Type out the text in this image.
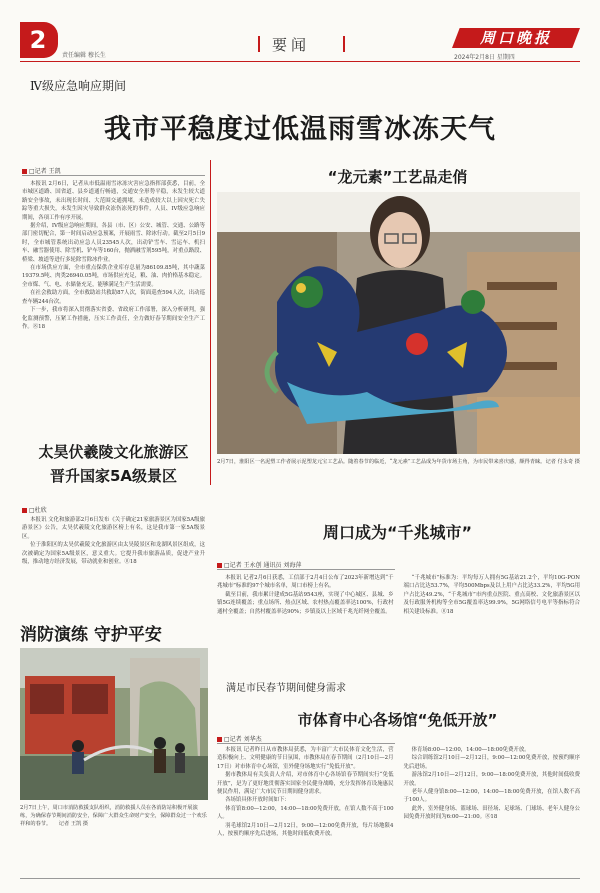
2
责任编辑 穆长生
要闻	周口晚报
2024年2月8日 星期四
Ⅳ级应急响应期间
我市平稳度过低温雨雪冰冻天气
□记者 王凯

本报讯 2月6日，记者从市低温雨雪冰冻灾害应急指挥部获悉，目前，全市城区道路、国省道、县乡道通行畅通，交通安全形势平稳，未发生较大道路安全事故，未出现长时间、大范围交通拥堵，未造成较大以上因灾死亡失踪等重大损失，未发生因灾导致群众冻伤冻死的事件，人员、IV级应急响应期间，各项工作有序开展。

据介绍，IV级应急响应期间，各县（市、区）公安、城管、交通、公路等部门密切配合，第一时间启动应急预案，开展雨雪、除冰行动。截至2月5日9时，全市城管系统出动应急人员23545人次，出动铲雪车、雪运车、机扫车、融雪器使用、除雪机、铲车等160台，抛洒融雪剂595吨，对重点路段、桥梁、坡道等进行多轮除雪除冰作业。

在市场供应方面，全市重点保供企业库存总量为86109.85吨，其中蔬菜19379.5吨、肉类26940.05吨，市场供应充足，粮、油、肉价格基本稳定。全市煤、气、电、水储备充足，能够满足生产生活需要。

在社会救助方面，全市救助站共救助87人次，街面巡查594人次，出动巡查车辆244台次。

下一步，我市将深入贯彻落实省委、省政府工作部署，深入分析研判，强化监测预警，压紧工作措施，压实工作责任，全力做好春节期间安全生产工作。⑧18

太昊伏羲陵文化旅游区
晋升国家5A级景区
□杜欣

本报讯 文化和旅游部2月6日发布《关于确定21家旅游景区为国家5A级旅游景区》公告，太昊伏羲陵文化旅游区榜上有名，这是我市第一家5A级景区。

位于淮阳区的太昊伏羲陵文化旅游区由太昊陵景区和龙湖风景区组成，这次被确定为国家5A级景区，意义重大。它提升我市旅游品质，促进产业升级，推动地方经济发展，带动就业和创业。⑧18

消防演练 守护平安
2月7日上午，周口市消防救援支队组织，消防救援人员在各消防站积极开展演练，为确保春节期间消防安全，保障广大群众生命财产安全，保障群众过一个欢乐祥和的春节。 记者 王凯 摄
“龙元素”工艺品走俏
2月7日，淮阳区一名泥塑工作者展示泥塑龙元宝工艺品。随着春节的临近，“龙元素”工艺品成为年货市场主角，为市民带来喜庆感，颇得青睐。 记者 付永奇 摄
周口成为“千兆城市”
□记者 王永创 通讯员 刘海萍

本报讯 记者2月6日获悉，工信部于2月4日公布了2023年新增达到“千兆城市”标准的97个城市名单，周口市榜上有名。

截至目前，我市累计建成5G基站9543座，实现了中心城区、县城、乡镇5G连续覆盖；重点场所、热点区域、农村热点覆盖率达100%，行政村通村全覆盖；自然村覆盖率达90%；乡镇及以上区域千兆光纤网全覆盖。

“千兆城市”标准为：平均每万人拥有5G基站21.2个，平均10G-PON端口占比达53.7%，平均500Mbps及以上用户占比达33.2%，平均5G用户占比达49.2%，“千兆城市”市内重点医院、重点高校、文化旅游景区以及行政服务机构等全市5G覆盖率达99.9%，5G网络信号电平等指标符合相关建设标准。⑧18

满足市民春节期间健身需求
市体育中心各场馆“免低开放”
□记者 刘华杰

本报讯 记者昨日从市教体局获悉，为丰富广大市民体育文化生活，营造积极向上、文明健康的节日氛围，市教体局在春节期间（2月10日—2月17日）对市体育中心场馆，室外健身场地实行“免低开放”。

据市教体局有关负责人介绍，对市体育中心各场馆春节期间实行“免低开放”，是为了更好地贯彻落实国家全民健身战略，充分发挥体育设施惠民便民作用，满足广大市民节日期间健身需求。

各场馆具体开放时间如下：

体育馆8:00—12:00，14:00—18:00免费开放，在馆人数不高于100人。

羽毛球馆2月10日—2月12日，9:00—12:00免费开放，每片场地限4人，按预约顺序先后进场，其他时间低收费开放。

体育场8:00—12:00，14:00—18:00免费开放。

综合训练馆2月10日—2月12日，9:00—12:00免费开放，按预约顺序先后进场。

游泳馆2月10日—2月12日，9:00—18:00免费开放，其他时间低收费开放。

老年人健身馆8:00—12:00，14:00—18:00免费开放，在馆人数不高于100人。

此外，室外健身场、篮球场、田径场、足球场、门球场、老年人健身公园免费开放时间为6:00—21:00。⑧18
